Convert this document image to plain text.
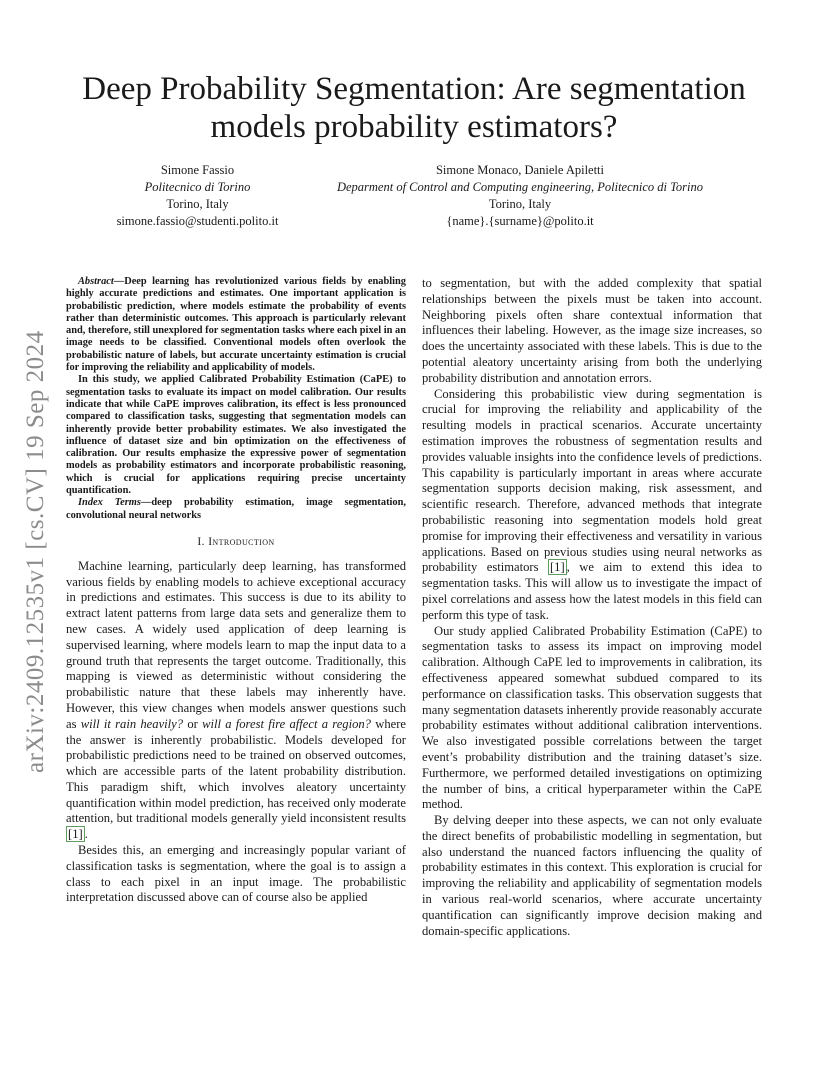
Deep Probability Segmentation: Are segmentation models probability estimators?
Simone Fassio
Politecnico di Torino
Torino, Italy
simone.fassio@studenti.polito.it
Simone Monaco, Daniele Apiletti
Deparment of Control and Computing engineering, Politecnico di Torino
Torino, Italy
{name}.{surname}@polito.it
arXiv:2409.12535v1 [cs.CV] 19 Sep 2024

Abstract—Deep learning has revolutionized various fields by enabling highly accurate predictions and estimates. One important application is probabilistic prediction, where models estimate the probability of events rather than deterministic outcomes. This approach is particularly relevant and, therefore, still unexplored for segmentation tasks where each pixel in an image needs to be classified. Conventional models often overlook the probabilistic nature of labels, but accurate uncertainty estimation is crucial for improving the reliability and applicability of models.

In this study, we applied Calibrated Probability Estimation (CaPE) to segmentation tasks to evaluate its impact on model calibration. Our results indicate that while CaPE improves calibration, its effect is less pronounced compared to classification tasks, suggesting that segmentation models can inherently provide better probability estimates. We also investigated the influence of dataset size and bin optimization on the effectiveness of calibration. Our results emphasize the expressive power of segmentation models as probability estimators and incorporate probabilistic reasoning, which is crucial for applications requiring precise uncertainty quantification.

Index Terms—deep probability estimation, image segmentation, convolutional neural networks

I. Introduction

Machine learning, particularly deep learning, has transformed various fields by enabling models to achieve exceptional accuracy in predictions and estimates. This success is due to its ability to extract latent patterns from large data sets and generalize them to new cases. A widely used application of deep learning is supervised learning, where models learn to map the input data to a ground truth that represents the target outcome. Traditionally, this mapping is viewed as deterministic without considering the probabilistic nature that these labels may inherently have. However, this view changes when models answer questions such as will it rain heavily? or will a forest fire affect a region? where the answer is inherently probabilistic. Models developed for probabilistic predictions need to be trained on observed outcomes, which are accessible parts of the latent probability distribution. This paradigm shift, which involves aleatory uncertainty quantification within model prediction, has received only moderate attention, but traditional models generally yield inconsistent results [1] .

Besides this, an emerging and increasingly popular variant of classification tasks is segmentation, where the goal is to assign a class to each pixel in an input image. The probabilistic interpretation discussed above can of course also be applied

to segmentation, but with the added complexity that spatial relationships between the pixels must be taken into account. Neighboring pixels often share contextual information that influences their labeling. However, as the image size increases, so does the uncertainty associated with these labels. This is due to the potential aleatory uncertainty arising from both the underlying probability distribution and annotation errors.

Considering this probabilistic view during segmentation is crucial for improving the reliability and applicability of the resulting models in practical scenarios. Accurate uncertainty estimation improves the robustness of segmentation results and provides valuable insights into the confidence levels of predictions. This capability is particularly important in areas where accurate segmentation supports decision making, risk assessment, and scientific research. Therefore, advanced methods that integrate probabilistic reasoning into segmentation models hold great promise for improving their effectiveness and versatility in various applications. Based on previous studies using neural networks as probability estimators [1] , we aim to extend this idea to segmentation tasks. This will allow us to investigate the impact of pixel correlations and assess how the latest models in this field can perform this type of task.

Our study applied Calibrated Probability Estimation (CaPE) to segmentation tasks to assess its impact on improving model calibration. Although CaPE led to improvements in calibration, its effectiveness appeared somewhat subdued compared to its performance on classification tasks. This observation suggests that many segmentation datasets inherently provide reasonably accurate probability estimates without additional calibration interventions. We also investigated possible correlations between the target event’s probability distribution and the training dataset’s size. Furthermore, we performed detailed investigations on optimizing the number of bins, a critical hyperparameter within the CaPE method.

By delving deeper into these aspects, we can not only evaluate the direct benefits of probabilistic modelling in segmentation, but also understand the nuanced factors influencing the quality of probability estimates in this context. This exploration is crucial for improving the reliability and applicability of segmentation models in various real-world scenarios, where accurate uncertainty quantification can significantly improve decision making and domain-specific applications.
